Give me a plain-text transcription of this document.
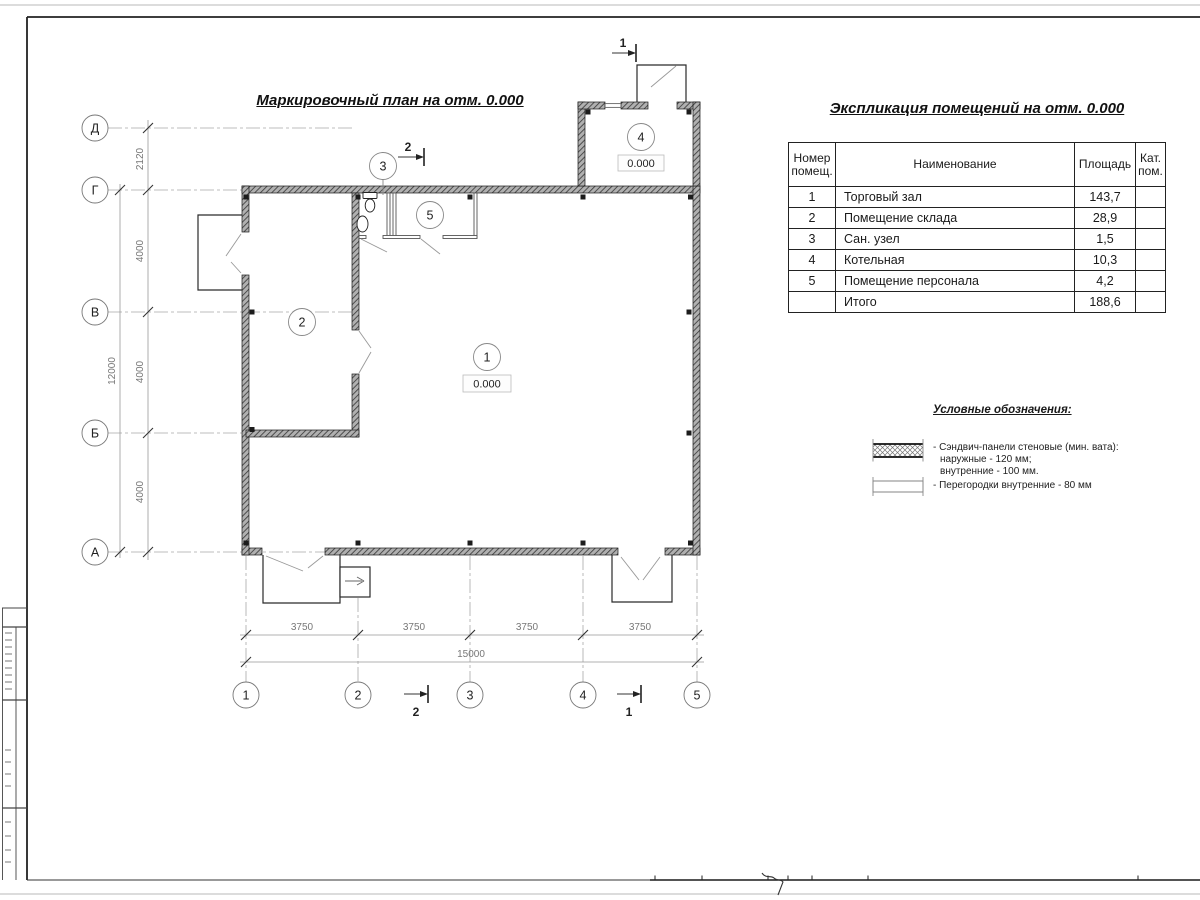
Д
Г
В
Б
А
1	2	3	4	5
2120
4000
4000
4000
12000
3750	3750	3750	3750
15000
1
0.000
2
3
4
0.000
5
2
1
2	1
Маркировочный план на отм. 0.000	Экспликация помещений на отм. 0.000
Номер помещ.	Наименование	Площадь	Кат. пом.
1	Торговый зал	143,7	
2	Помещение склада	28,9	
3	Сан. узел	1,5	
4	Котельная	10,3	
5	Помещение персонала	4,2	
	Итого	188,6	
Условные обозначения:
- Сэндвич-панели стеновые (мин. вата):
наружные - 120 мм;
внутренние - 100 мм.
- Перегородки внутренние - 80 мм
